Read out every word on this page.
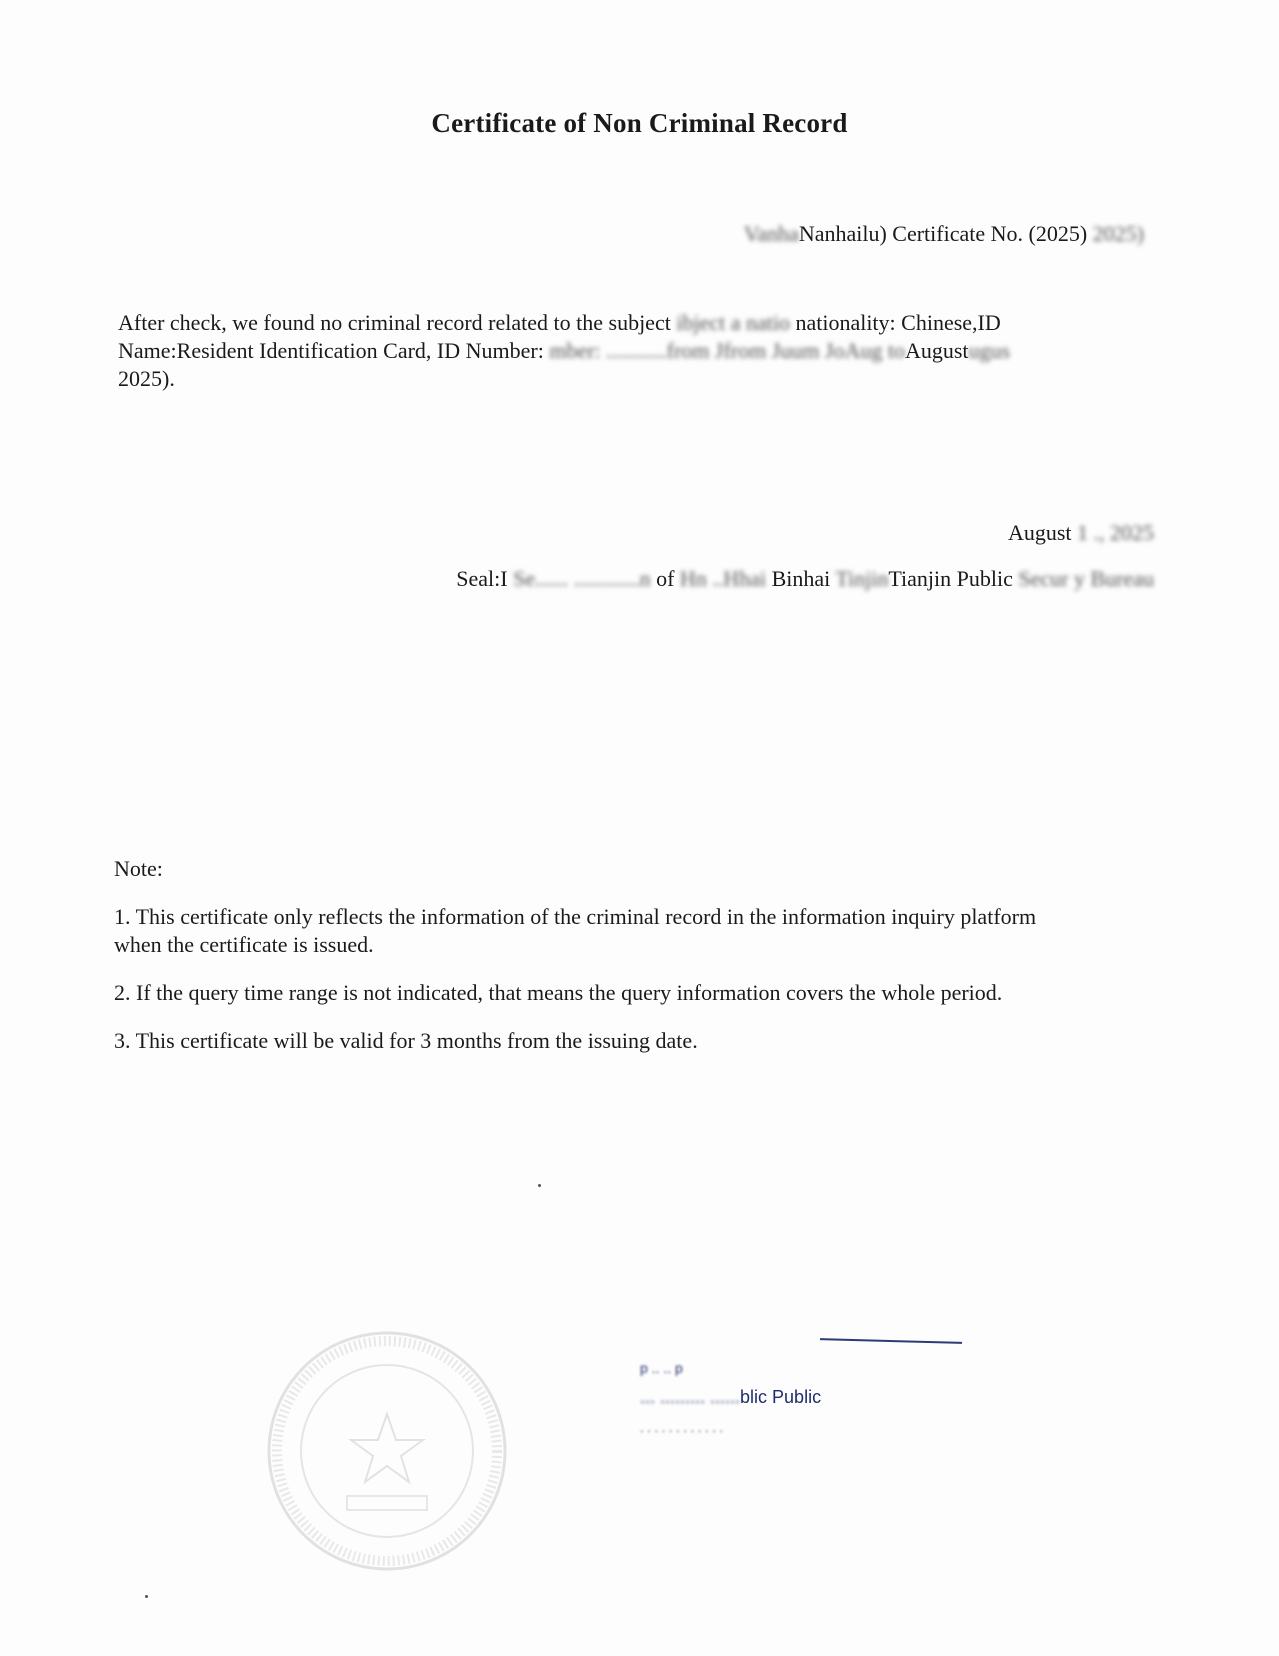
Certificate of Non Criminal Record
VanhaNanhailu) Certificate No. (2025) 2025)
After check, we found no criminal record related to the subject ibject a natio nationality: Chinese,ID
Name:Resident Identification Card, ID Number: mber: ...........from Jfrom Juum JoAug toAugustugus
2025).
August 1 ., 2025
Seal:I Se...... ............n of Hn ..Hhai Binhai TinjinTianjin Public Secur y Bureau
Note:
1. This certificate only reflects the information of the criminal record in the information inquiry platform
when the certificate is issued.
2. If the query time range is not indicated, that means the query information covers the whole period.
3. This certificate will be valid for 3 months from the issuing date.
p .. .. p
... ......... ......blic Public
. . . . . . . . . . . .
